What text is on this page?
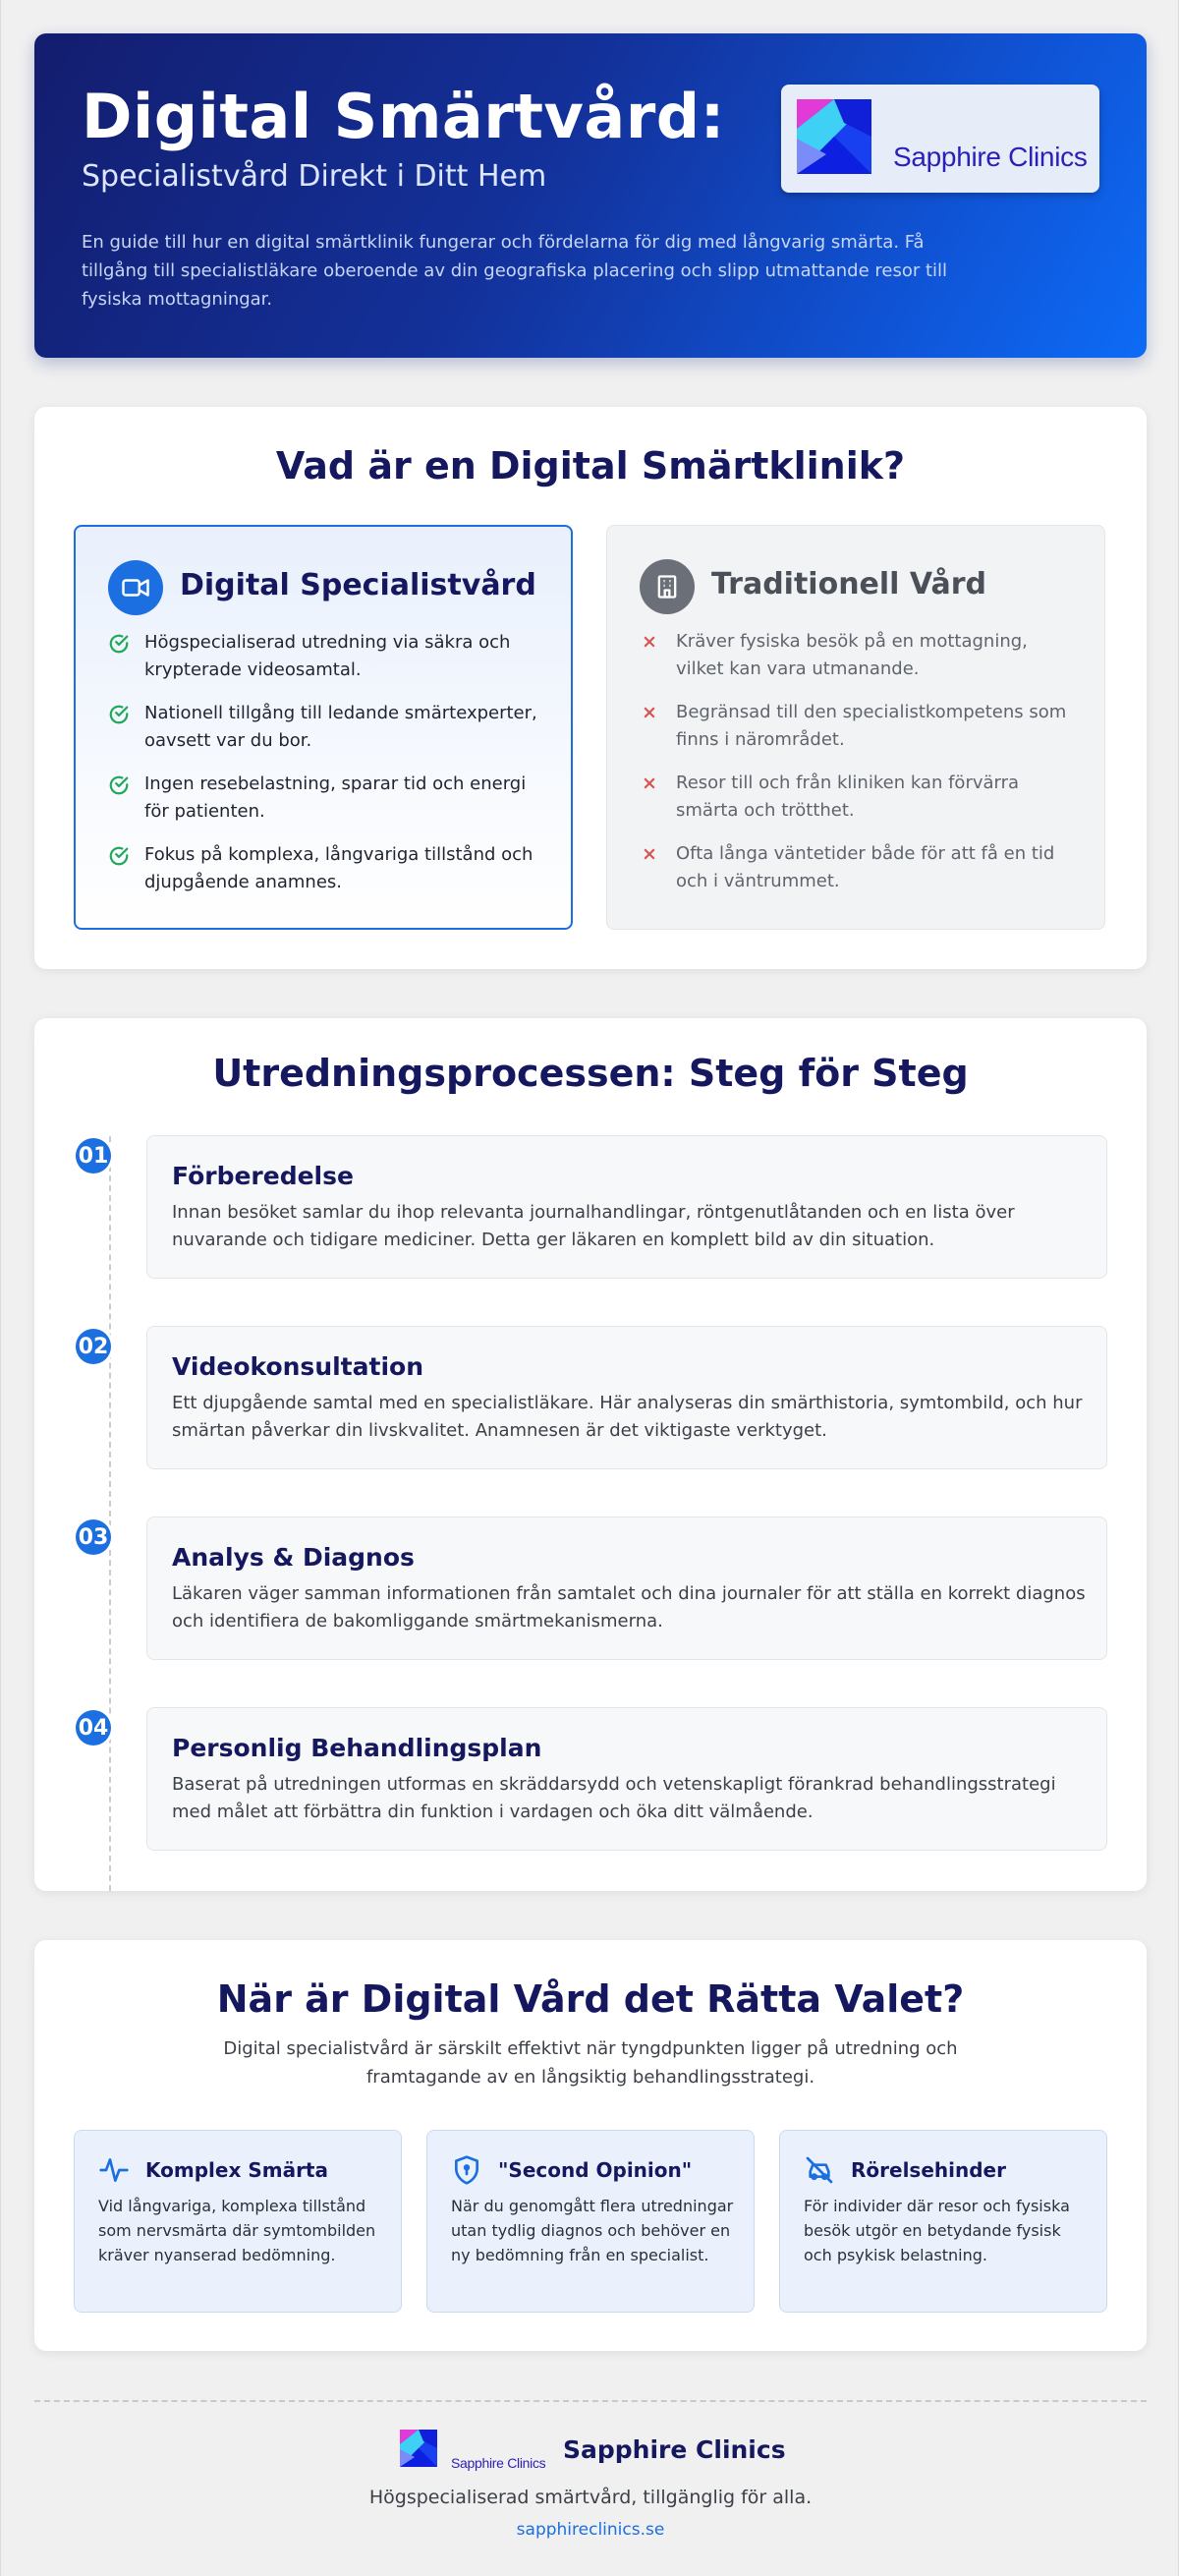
Digital Smärtvård:
Specialistvård Direkt i Ditt Hem

En guide till hur en digital smärtklinik fungerar och fördelarna för dig med långvarig smärta. Få tillgång till specialistläkare oberoende av din geografiska placering och slipp utmattande resor till fysiska mottagningar.

Sapphire Clinics
Vad är en Digital Smärtklinik?
Digital Specialistvård
Högspecialiserad utredning via säkra och krypterade videosamtal.
Nationell tillgång till ledande smärtexperter, oavsett var du bor.
Ingen resebelastning, sparar tid och energi för patienten.
Fokus på komplexa, långvariga tillstånd och djupgående anamnes.
Traditionell Vård
Kräver fysiska besök på en mottagning, vilket kan vara utmanande.
Begränsad till den specialistkompetens som finns i närområdet.
Resor till och från kliniken kan förvärra smärta och trötthet.
Ofta långa väntetider både för att få en tid och i väntrummet.
Utredningsprocessen: Steg för Steg
01
Förberedelse

Innan besöket samlar du ihop relevanta journalhandlingar, röntgenutlåtanden och en lista över nuvarande och tidigare mediciner. Detta ger läkaren en komplett bild av din situation.

02
Videokonsultation

Ett djupgående samtal med en specialistläkare. Här analyseras din smärthistoria, symtombild, och hur smärtan påverkar din livskvalitet. Anamnesen är det viktigaste verktyget.

03
Analys & Diagnos

Läkaren väger samman informationen från samtalet och dina journaler för att ställa en korrekt diagnos och identifiera de bakomliggande smärtmekanismerna.

04
Personlig Behandlingsplan

Baserat på utredningen utformas en skräddarsydd och vetenskapligt förankrad behandlingsstrategi med målet att förbättra din funktion i vardagen och öka ditt välmående.

När är Digital Vård det Rätta Valet?

Digital specialistvård är särskilt effektivt när tyngdpunkten ligger på utredning och framtagande av en långsiktig behandlingsstrategi.

Komplex Smärta

Vid långvariga, komplexa tillstånd som nervsmärta där symtombilden kräver nyanserad bedömning.

"Second Opinion"

När du genomgått flera utredningar utan tydlig diagnos och behöver en ny bedömning från en specialist.

Rörelsehinder

För individer där resor och fysiska besök utgör en betydande fysisk och psykisk belastning.

Sapphire Clinics Sapphire Clinics
Högspecialiserad smärtvård, tillgänglig för alla.
sapphireclinics.se
